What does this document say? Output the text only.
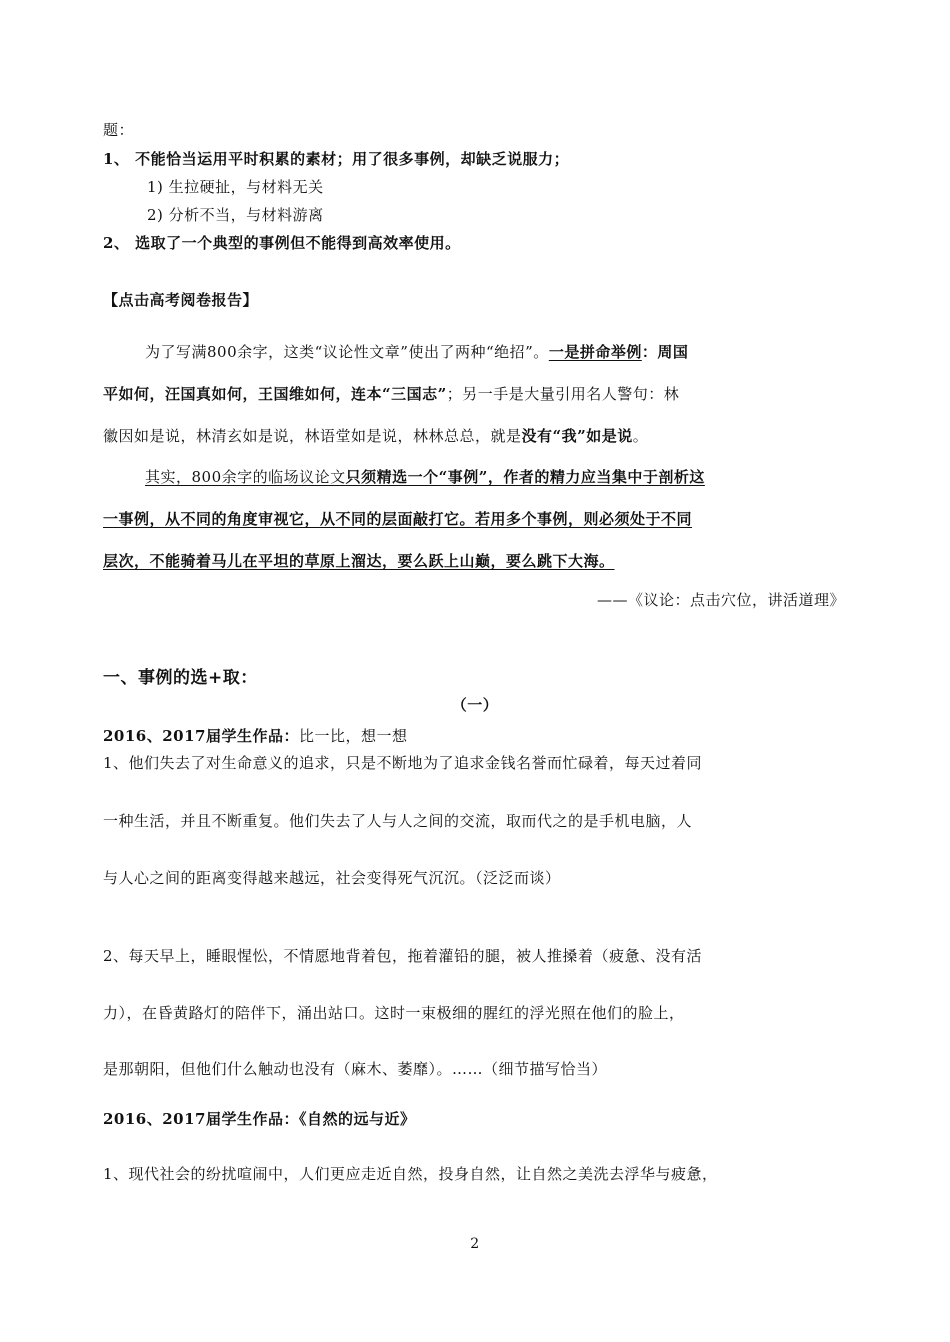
题：
1、 不能恰当运用平时积累的素材；用了很多事例，却缺乏说服力；
1) 生拉硬扯，与材料无关
2) 分析不当，与材料游离
2、 选取了一个典型的事例但不能得到高效率使用。
【点击高考阅卷报告】
为了写满800余字，这类“议论性文章”使出了两种“绝招”。一是拼命举例：周国
平如何，汪国真如何，王国维如何，连本“三国志”；另一手是大量引用名人警句：林
徽因如是说，林清玄如是说，林语堂如是说，林林总总，就是没有“我”如是说。
其实，800余字的临场议论文只须精选一个“事例”，作者的精力应当集中于剖析这
一事例，从不同的角度审视它，从不同的层面敲打它。若用多个事例，则必须处于不同
层次，不能骑着马儿在平坦的草原上溜达，要么跃上山巅，要么跳下大海。
——《议论：点击穴位，讲活道理》
一、事例的选+取：
（一）
2016、2017届学生作品：比一比，想一想
1、他们失去了对生命意义的追求，只是不断地为了追求金钱名誉而忙碌着，每天过着同
一种生活，并且不断重复。他们失去了人与人之间的交流，取而代之的是手机电脑，人
与人心之间的距离变得越来越远，社会变得死气沉沉。（泛泛而谈）
2、每天早上，睡眼惺忪，不情愿地背着包，拖着灌铅的腿，被人推搡着（疲惫、没有活
力），在昏黄路灯的陪伴下，涌出站口。这时一束极细的腥红的浮光照在他们的脸上，
是那朝阳，但他们什么触动也没有（麻木、萎靡）。……（细节描写恰当）
2016、2017届学生作品：《自然的远与近》
1、现代社会的纷扰喧闹中，人们更应走近自然，投身自然，让自然之美洗去浮华与疲惫，
2
